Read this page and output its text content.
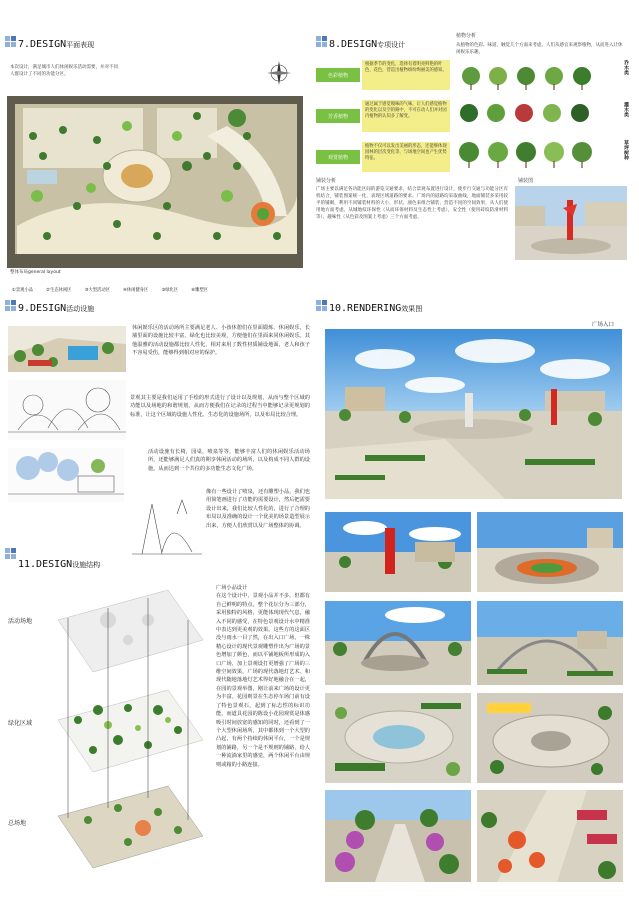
7.DESIGN平面表现
本次设计，满足城市人们休闲娱乐活动需要，并对不同人群设计了不同的功能分区。
整体布局general layout
①景观小品	②生态休闲区	③大型活动区	④休闲健身区	⑤绿化区	⑥雕塑区
8.DESIGN专项设计
植物分析
从植物的色彩、味道、触觉几个方面来考虑，人们从感官来观察植物，从而进入让休闲娱乐乐趣。
色彩植物
根据季节的变化，选择有着明亮鲜艳的叶色、花色，营造出植物缤纷绚丽美的感知。
芳香植物
通过属于感觉嗅味的气味，让人们感觉植物的变化以及空的路中，不可在动人们并对园内植物的认知多了解变。
观赏植物
植物不仅可以发出美丽的形态，还能够体现园林的层次变化等，与场地空间也产生优势特征。
乔木类
灌木类
草坪树种
铺装分析
广场主要以满足各功能区间的游览交通要求，结合景观布置进行设计，使步行交通与功能分区有机结合，铺装图案统一化，表现区域道路的要求。广场内的道路均采取曲线，地面铺装多采用较平的铺砌，利用不同铺装材料的大小、形状、颜色来组合铺装，营造不同的空间效果，从人们使用地方面考虑，从城地纹环保性（从而环保材料及生态性上考虑），安全性（使用砖纹防滑材料等）、趣味性（从色彩及图案上考虑）三个方面考虑。
铺装图
9.DESIGN活动设施
休闲娱乐区的活动场所主要满足老人、小孩休憩们在里面锻炼、休闲娱乐，长墙里面的设施比较丰富，绿化也比较美观，方便他们在里面来同休闲娱乐。其他温雅的活动设施都比较人性化，相对来用了数性材质铺设地面，老人和孩子不容易受伤，能够得到相对应的保护。
景观其主要是我们运用了手绘的形式进行了设计以及规划，从而与整个区域的功能以及场地的和谐规划，从而方便我们在记录的过程当中能够记录更规划的标准，让这个区域的设施人性化、生态化的设施场所，以及布局比较合理。
活动设施有长椅，园桌，喷泉等等，能够丰富人们的休闲娱乐活动场所，还能够满足人们真的期享休闲活动的场所，以及构成不同人群的设施。从而达到一个共位的多功能生态文化广场。
像有一些设计了喷泉，还有雕塑小品，我们也用简笔画进行了功能的需要设计，然后把需要设计出来，我们比较人性化的，进行了合理的布局以及准确的设计一个优美的场景造型展示出来，方便人们欣赏以及广场整体的协调。
11.DESIGN设施结构
活动场地
绿化区域
总场地
广场小品设计
在这个设计中，景观小品并不多，但都有自己鲜明的特点。整个花坛分为三部分，采用独特的风格，更能体现现代气息，融入不同的感受，在特色景观设计水中精准中表达到更美观的效果。这些方的这面区没与雨水一目了然，在出入口广场，一株精心设计的现代景观雕塑作出为广场的景色增加了颜色，而以平铺地板所形成的入口广场、加上景观设打更增强了广场的三维空间效果，广场的现代落地灯艺术、和现代随地落地灯艺术得好地融合在一起，在园的景观举图，刚让前来广场的设计更为丰富。花园则景在生态停车场门前有设了特色景观石，起到了标志性的标识功能，而道具花园的陈设小花园观赏是体感吸引时间放宽的感知的同时，还看到了一个大型休闲场所，其中都体到一个大型的凸起，有两个持续的休闲平台，一个是规划的铺路，另一个是不规则的铺路，给人一种流淌家里的感觉，两个休闲平台由规则或箱的小路连接。
10.RENDERING效果图
广场入口
